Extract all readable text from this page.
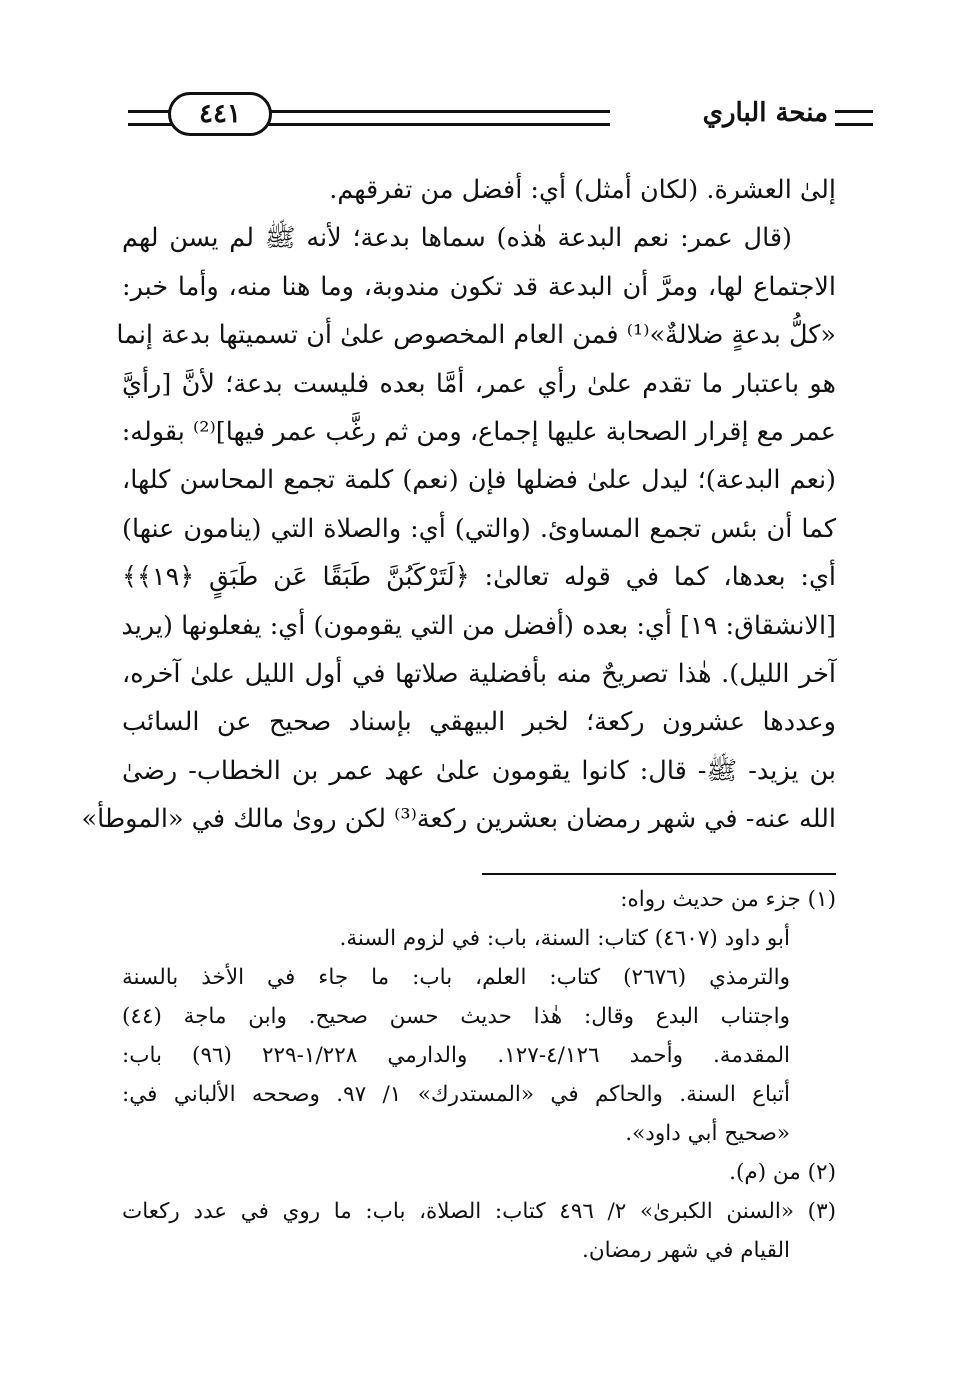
منحة الباري
٤٤١
إلىٰ العشرة. (لكان أمثل) أي: أفضل من تفرقهم.
(قال عمر: نعم البدعة هٰذه) سماها بدعة؛ لأنه ﷺ لم يسن لهم
الاجتماع لها، ومرَّ أن البدعة قد تكون مندوبة، وما هنا منه، وأما خبر:
«كلُّ بدعةٍ ضلالةٌ»⁽¹⁾ فمن العام المخصوص علىٰ أن تسميتها بدعة إنما
هو باعتبار ما تقدم علىٰ رأي عمر، أمَّا بعده فليست بدعة؛ لأنَّ [رأيَّ
عمر مع إقرار الصحابة عليها إجماع، ومن ثم رغَّب عمر فيها]⁽²⁾ بقوله:
(نعم البدعة)؛ ليدل علىٰ فضلها فإن (نعم) كلمة تجمع المحاسن كلها،
كما أن بئس تجمع المساوئ. (والتي) أي: والصلاة التي (ينامون عنها)
أي: بعدها، كما في قوله تعالىٰ: ﴿لَتَرْكَبُنَّ طَبَقًا عَن طَبَقٍ ﴿١٩﴾﴾
[الانشقاق: ١٩] أي: بعده (أفضل من التي يقومون) أي: يفعلونها (يريد
آخر الليل). هٰذا تصريحٌ منه بأفضلية صلاتها في أول الليل علىٰ آخره،
وعددها عشرون ركعة؛ لخبر البيهقي بإسناد صحيح عن السائب
بن يزيد- ﷺ- قال: كانوا يقومون علىٰ عهد عمر بن الخطاب- رضىٰ
الله عنه- في شهر رمضان بعشرين ركعة⁽³⁾ لكن روىٰ مالك في «الموطأ»
(١) جزء من حديث رواه:
أبو داود (٤٦٠٧) كتاب: السنة، باب: في لزوم السنة.
والترمذي (٢٦٧٦) كتاب: العلم، باب: ما جاء في الأخذ بالسنة
واجتناب البدع وقال: هٰذا حديث حسن صحيح. وابن ماجة (٤٤)
المقدمة. وأحمد ٤/١٢٦-١٢٧. والدارمي ١/٢٢٨-٢٢٩ (٩٦) باب:
أتباع السنة. والحاكم في «المستدرك» ١/ ٩٧. وصححه الألباني في:
«صحيح أبي داود».
(٢) من (م).
(٣) «السنن الكبرىٰ» ٢/ ٤٩٦ كتاب: الصلاة، باب: ما روي في عدد ركعات
القيام في شهر رمضان.
